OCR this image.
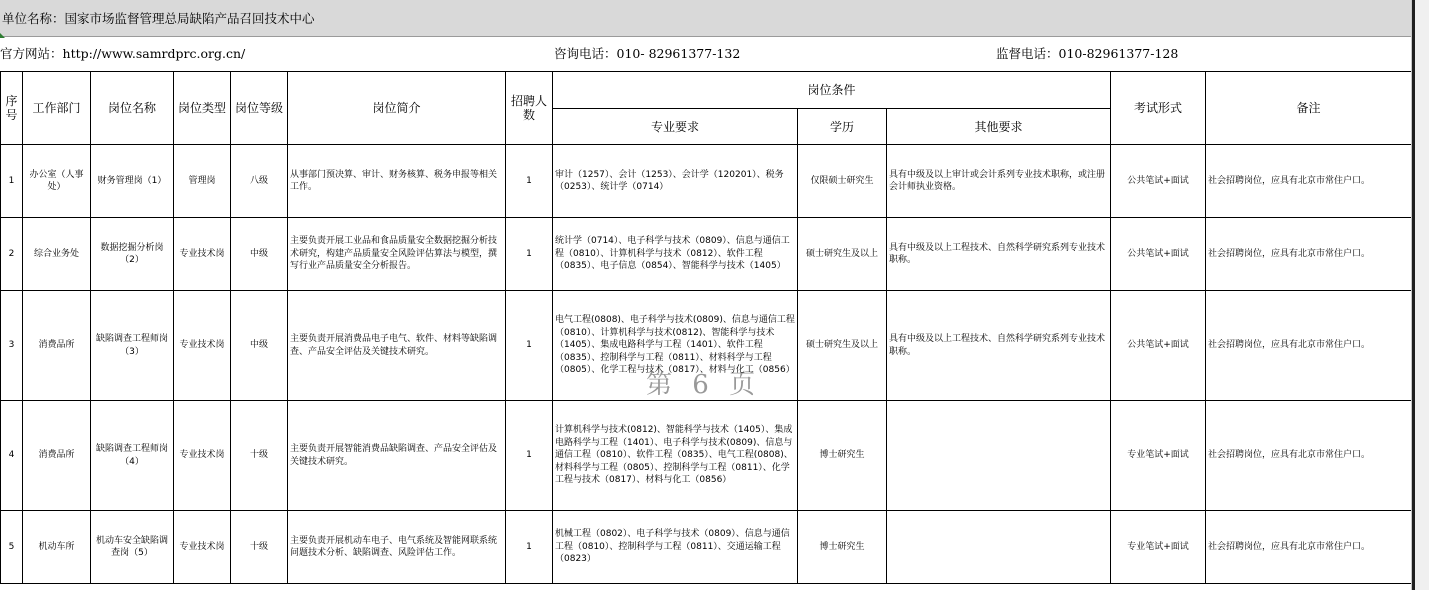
单位名称：国家市场监督管理总局缺陷产品召回技术中心
官方网站：http://www.samrdprc.org.cn/	咨询电话：010- 82961377-132	监督电话：010-82961377-128
序号	工作部门	岗位名称	岗位类型	岗位等级	岗位简介	招聘人数	岗位条件			考试形式	备注
							专业要求	学历	其他要求		
1	办公室（人事处）	财务管理岗（1）	管理岗	八级	从事部门预决算、审计、财务核算、税务申报等相关工作。	1	审计（1257）、会计（1253）、会计学（120201）、税务（0253）、统计学（0714）	仅限硕士研究生	具有中级及以上审计或会计系列专业技术职称，或注册会计师执业资格。	公共笔试+面试	社会招聘岗位，应具有北京市常住户口。
2	综合业务处	数据挖掘分析岗（2）	专业技术岗	中级	主要负责开展工业品和食品质量安全数据挖掘分析技术研究，构建产品质量安全风险评估算法与模型，撰写行业产品质量安全分析报告。	1	统计学（0714）、电子科学与技术（0809）、信息与通信工程（0810）、计算机科学与技术（0812）、软件工程（0835）、电子信息（0854）、智能科学与技术（1405）	硕士研究生及以上	具有中级及以上工程技术、自然科学研究系列专业技术职称。	公共笔试+面试	社会招聘岗位，应具有北京市常住户口。
3	消费品所	缺陷调查工程师岗（3）	专业技术岗	中级	主要负责开展消费品电子电气、软件、材料等缺陷调查、产品安全评估及关键技术研究。	1	电气工程(0808)、电子科学与技术(0809)、信息与通信工程（0810）、计算机科学与技术(0812)、智能科学与技术（1405）、集成电路科学与工程（1401）、软件工程（0835）、控制科学与工程（0811）、材料科学与工程（0805）、化学工程与技术（0817）、材料与化工（0856）	硕士研究生及以上	具有中级及以上工程技术、自然科学研究系列专业技术职称。	公共笔试+面试	社会招聘岗位，应具有北京市常住户口。
4	消费品所	缺陷调查工程师岗（4）	专业技术岗	十级	主要负责开展智能消费品缺陷调查、产品安全评估及关键技术研究。	1	计算机科学与技术(0812)、智能科学与技术（1405）、集成电路科学与工程（1401）、电子科学与技术(0809)、信息与通信工程（0810）、软件工程（0835）、电气工程(0808)、材料科学与工程（0805）、控制科学与工程（0811）、化学工程与技术（0817）、材料与化工（0856）	博士研究生		专业笔试+面试	社会招聘岗位，应具有北京市常住户口。
5	机动车所	机动车安全缺陷调查岗（5）	专业技术岗	十级	主要负责开展机动车电子、电气系统及智能网联系统问题技术分析、缺陷调查、风险评估工作。	1	机械工程（0802）、电子科学与技术（0809）、信息与通信工程（0810）、控制科学与工程（0811）、交通运输工程（0823）	博士研究生		专业笔试+面试	社会招聘岗位，应具有北京市常住户口。
第 6 页
